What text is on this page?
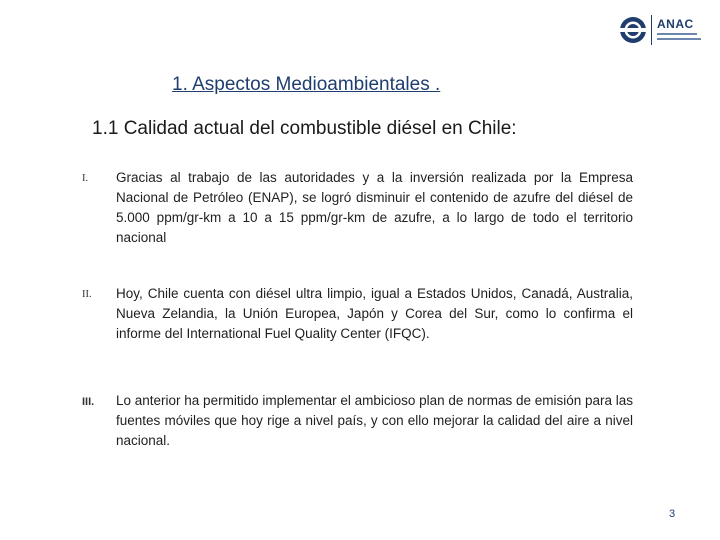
ANAC
1. Aspectos Medioambientales .
1.1 Calidad actual del combustible diésel en Chile:
I.	Gracias al trabajo de las autoridades y a la inversión realizada por la Empresa Nacional de Petróleo (ENAP), se logró disminuir el contenido de azufre del diésel de 5.000 ppm/gr-km a 10 a 15 ppm/gr-km de azufre, a lo largo de todo el territorio nacional
II.	Hoy, Chile cuenta con diésel ultra limpio, igual a Estados Unidos, Canadá, Australia, Nueva Zelandia, la Unión Europea, Japón y Corea del Sur, como lo confirma el informe del International Fuel Quality Center (IFQC).
III.	Lo anterior ha permitido implementar el ambicioso plan de normas de emisión para las fuentes móviles que hoy rige a nivel país, y con ello mejorar la calidad del aire a nivel nacional.
3
